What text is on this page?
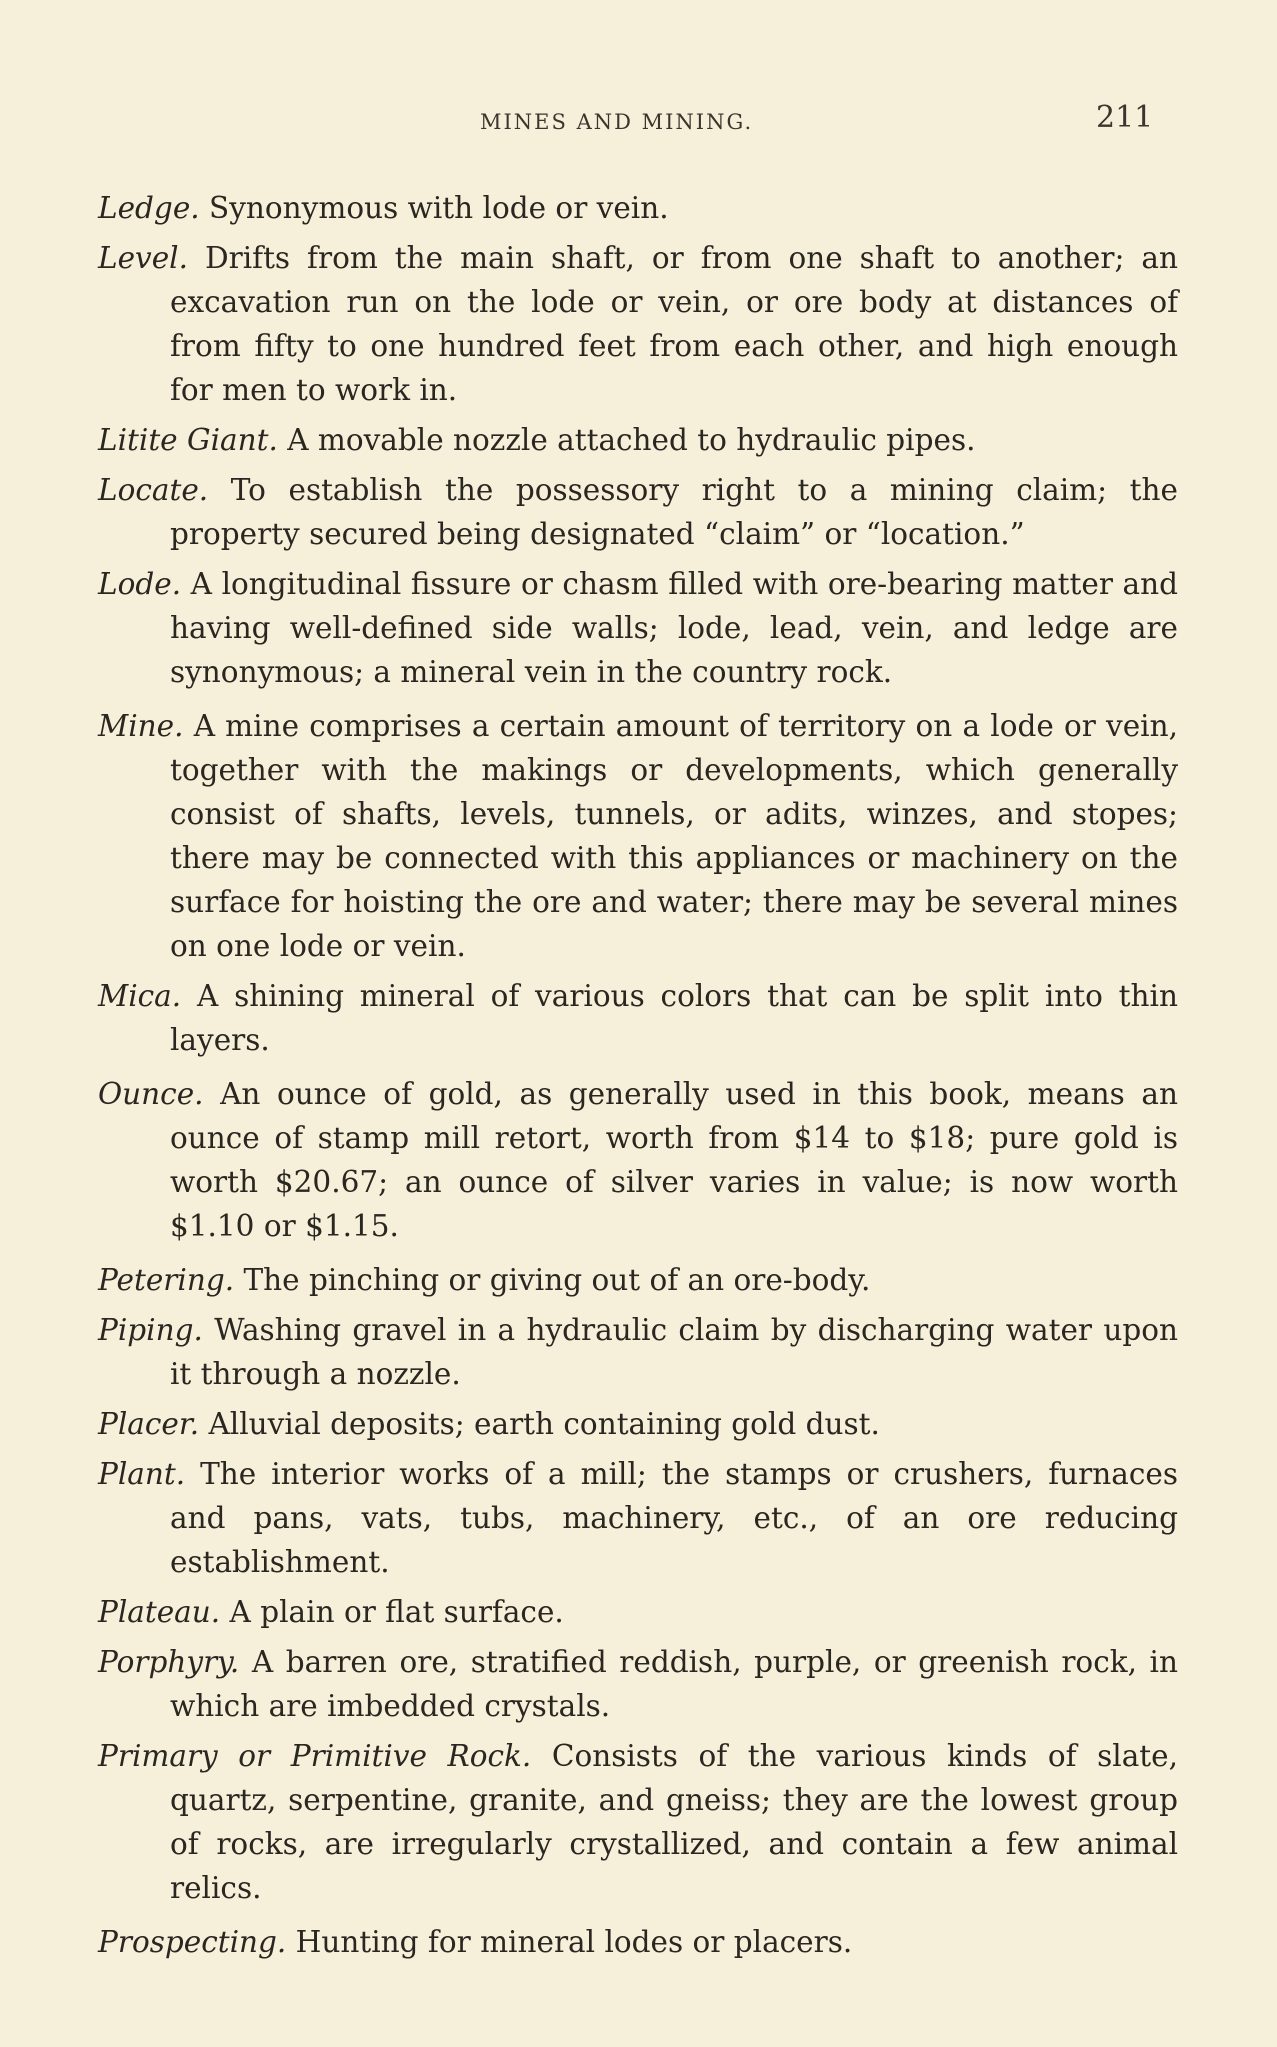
MINES AND MINING.	211

Ledge. Synonymous with lode or vein.

Level. Drifts from the main shaft, or from one shaft to another; an excavation run on the lode or vein, or ore body at distances of from fifty to one hundred feet from each other, and high enough for men to work in.

Litite Giant. A movable nozzle attached to hydraulic pipes.

Locate. To establish the possessory right to a mining claim; the property secured being designated “claim” or “location.”

Lode. A longitudinal fissure or chasm filled with ore-bearing matter and having well-defined side walls; lode, lead, vein, and ledge are synonymous; a mineral vein in the country rock.

Mine. A mine comprises a certain amount of territory on a lode or vein, together with the makings or developments, which generally consist of shafts, levels, tunnels, or adits, winzes, and stopes; there may be connected with this appliances or machinery on the surface for hoisting the ore and water; there may be several mines on one lode or vein.

Mica. A shining mineral of various colors that can be split into thin layers.

Ounce. An ounce of gold, as generally used in this book, means an ounce of stamp mill retort, worth from $14 to $18; pure gold is worth $20.67; an ounce of silver varies in value; is now worth $1.10 or $1.15.

Petering. The pinching or giving out of an ore-body.

Piping. Washing gravel in a hydraulic claim by discharging water upon it through a nozzle.

Placer. Alluvial deposits; earth containing gold dust.

Plant. The interior works of a mill; the stamps or crushers, furnaces and pans, vats, tubs, machinery, etc., of an ore reducing establishment.

Plateau. A plain or flat surface.

Porphyry. A barren ore, stratified reddish, purple, or greenish rock, in which are imbedded crystals.

Primary or Primitive Rock. Consists of the various kinds of slate, quartz, serpentine, granite, and gneiss; they are the lowest group of rocks, are irregularly crystallized, and contain a few animal relics.

Prospecting. Hunting for mineral lodes or placers.
